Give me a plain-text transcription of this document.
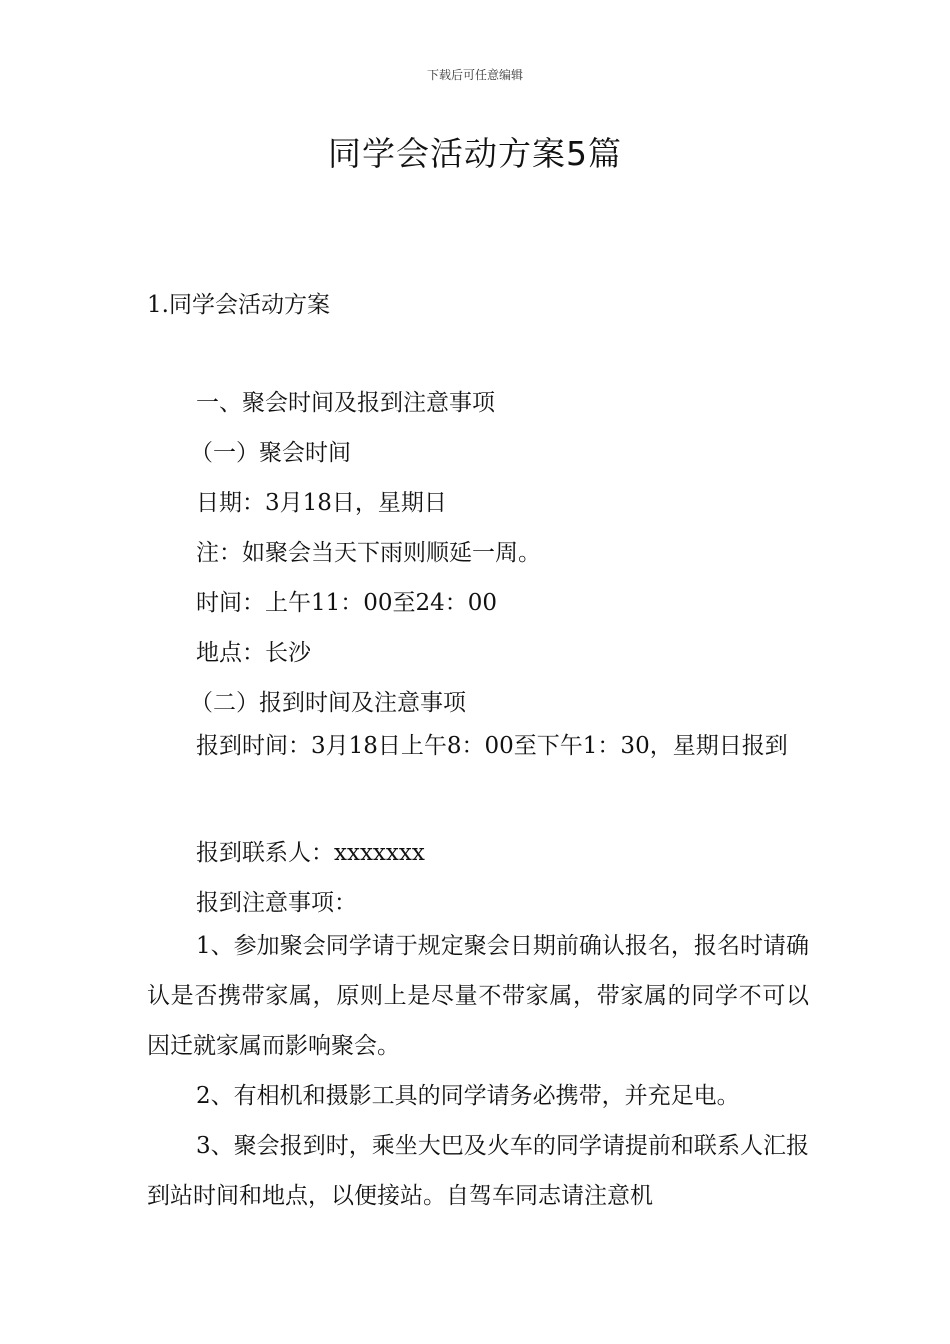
下载后可任意编辑
同学会活动方案5篇
1.同学会活动方案
一、聚会时间及报到注意事项
（一）聚会时间
日期：3月18日，星期日
注：如聚会当天下雨则顺延一周。
时间：上午11：00至24：00
地点：长沙
（二）报到时间及注意事项
报到时间：3月18日上午8：00至下午1：30，星期日报到
报到联系人：xxxxxxx
报到注意事项：
1、参加聚会同学请于规定聚会日期前确认报名，报名时请确认是否携带家属，原则上是尽量不带家属，带家属的同学不可以因迁就家属而影响聚会。
2、有相机和摄影工具的同学请务必携带，并充足电。
3、聚会报到时，乘坐大巴及火车的同学请提前和联系人汇报到站时间和地点，以便接站。自驾车同志请注意机
